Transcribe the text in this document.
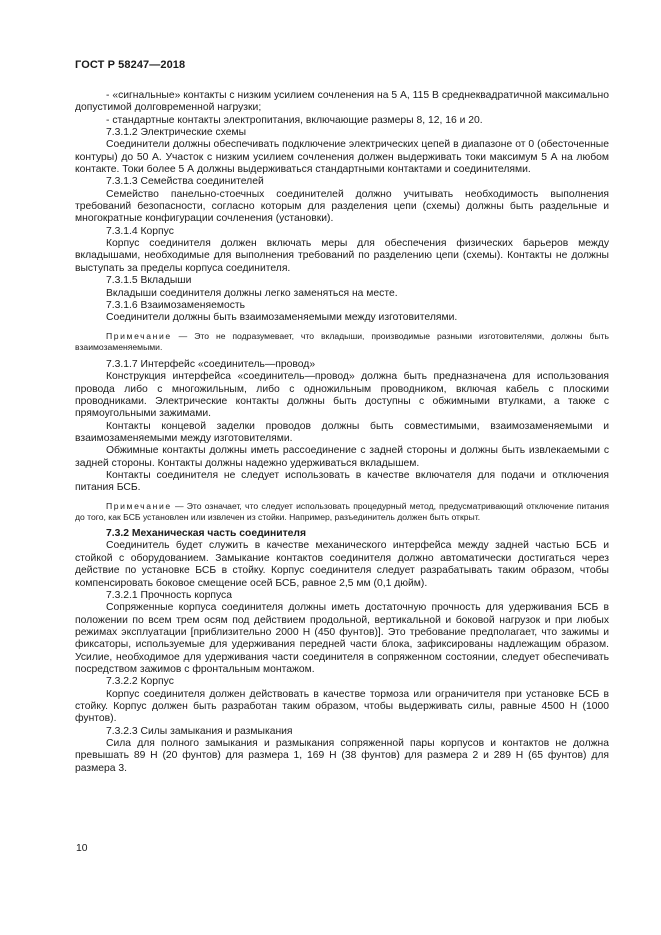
ГОСТ Р 58247—2018

- «сигнальные» контакты с низким усилием сочленения на 5 А, 115 В среднеквадратичной максимально допустимой долговременной нагрузки;

- стандартные контакты электропитания, включающие размеры 8, 12, 16 и 20.

7.3.1.2 Электрические схемы

Соединители должны обеспечивать подключение электрических цепей в диапазоне от 0 (обесточенные контуры) до 50 А. Участок с низким усилием сочленения должен выдерживать токи максимум 5 А на любом контакте. Токи более 5 А должны выдерживаться стандартными контактами и соединителями.

7.3.1.3 Семейства соединителей

Семейство панельно-стоечных соединителей должно учитывать необходимость выполнения требований безопасности, согласно которым для разделения цепи (схемы) должны быть раздельные и многократные конфигурации сочленения (установки).

7.3.1.4 Корпус

Корпус соединителя должен включать меры для обеспечения физических барьеров между вкладышами, необходимые для выполнения требований по разделению цепи (схемы). Контакты не должны выступать за пределы корпуса соединителя.

7.3.1.5 Вкладыши

Вкладыши соединителя должны легко заменяться на месте.

7.3.1.6 Взаимозаменяемость

Соединители должны быть взаимозаменяемыми между изготовителями.

Примечание — Это не подразумевает, что вкладыши, производимые разными изготовителями, должны быть взаимозаменяемыми.

7.3.1.7 Интерфейс «соединитель—провод»

Конструкция интерфейса «соединитель—провод» должна быть предназначена для использования провода либо с многожильным, либо с одножильным проводником, включая кабель с плоскими проводниками. Электрические контакты должны быть доступны с обжимными втулками, а также с прямоугольными зажимами.

Контакты концевой заделки проводов должны быть совместимыми, взаимозаменяемыми и взаимозаменяемыми между изготовителями.

Обжимные контакты должны иметь рассоединение с задней стороны и должны быть извлекаемыми с задней стороны. Контакты должны надежно удерживаться вкладышем.

Контакты соединителя не следует использовать в качестве включателя для подачи и отключения питания БСБ.

Примечание — Это означает, что следует использовать процедурный метод, предусматривающий отключение питания до того, как БСБ установлен или извлечен из стойки. Например, разъединитель должен быть открыт.

7.3.2 Механическая часть соединителя

Соединитель будет служить в качестве механического интерфейса между задней частью БСБ и стойкой с оборудованием. Замыкание контактов соединителя должно автоматически достигаться через действие по установке БСБ в стойку. Корпус соединителя следует разрабатывать таким образом, чтобы компенсировать боковое смещение осей БСБ, равное 2,5 мм (0,1 дюйм).

7.3.2.1 Прочность корпуса

Сопряженные корпуса соединителя должны иметь достаточную прочность для удерживания БСБ в положении по всем трем осям под действием продольной, вертикальной и боковой нагрузок и при любых режимах эксплуатации [приблизительно 2000 Н (450 фунтов)]. Это требование предполагает, что зажимы и фиксаторы, используемые для удерживания передней части блока, зафиксированы надлежащим образом. Усилие, необходимое для удерживания части соединителя в сопряженном состоянии, следует обеспечивать посредством зажимов с фронтальным монтажом.

7.3.2.2 Корпус

Корпус соединителя должен действовать в качестве тормоза или ограничителя при установке БСБ в стойку. Корпус должен быть разработан таким образом, чтобы выдерживать силы, равные 4500 Н (1000 фунтов).

7.3.2.3 Силы замыкания и размыкания

Сила для полного замыкания и размыкания сопряженной пары корпусов и контактов не должна превышать 89 Н (20 фунтов) для размера 1, 169 Н (38 фунтов) для размера 2 и 289 Н (65 фунтов) для размера 3.

10
